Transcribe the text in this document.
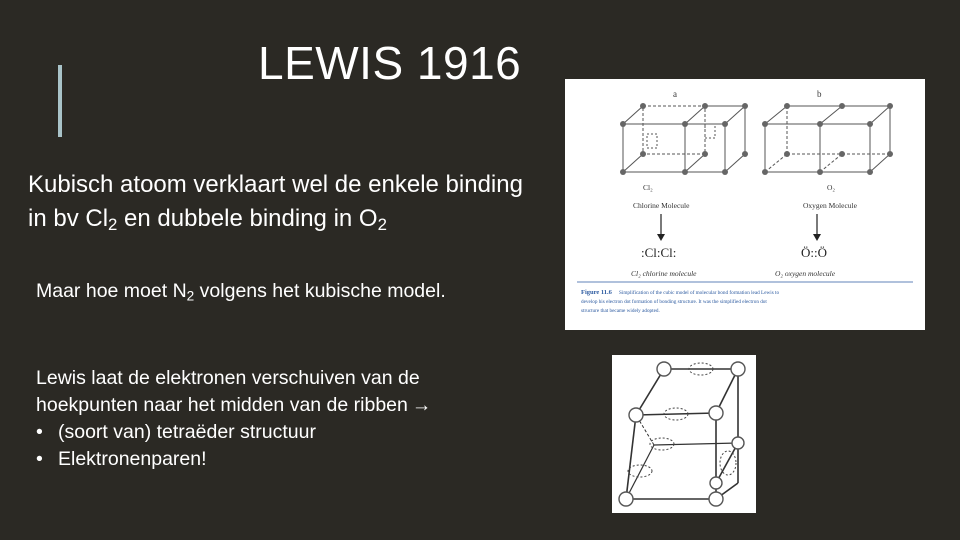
LEWIS 1916
Kubisch atoom verklaart wel de enkele binding
in bv $Cl_2$ en dubbele binding in $O_2$
Maar hoe moet $N_2$ volgens het kubische model.
Lewis laat de elektronen verschuiven van de
hoekpunten naar het midden van de ribben →
• (soort van) tetraëder structuur
• Elektronenparen!
a	b
Cl₂	O₂
Chlorine Molecule	Oxygen Molecule
:Cl:Cl:	Ö::Ö
Cl₂ chlorine molecule	O₂ oxygen molecule
Figure 11.6 Simplification of the cubic model of molecular bond formation lead Lewis to
develop his electron dot formation of bonding structure. It was the simplified electron dot
structure that became widely adopted.
